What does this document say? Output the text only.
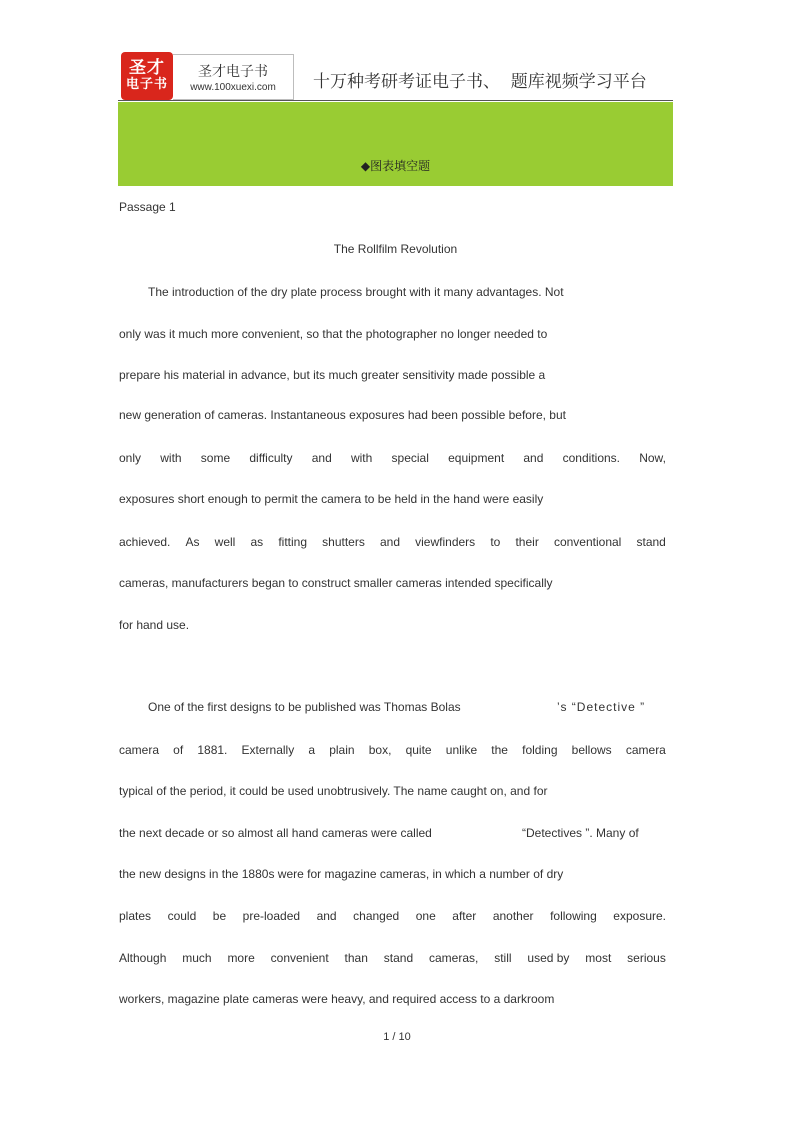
圣才
电子书
圣才电子书
www.100xuexi.com	十万种考研考证电子书、  题库视频学习平台
◆图表填空题
Passage 1
The Rollfilm Revolution
The introduction of the dry plate process brought with it many advantages. Not
only was it much more convenient, so that the photographer no longer needed to
prepare his material in advance, but its much greater sensitivity made possible a
new generation of cameras. Instantaneous exposures had been possible before, but
only with some difficulty and with special equipment and conditions. Now,
exposures short enough to permit the camera to be held in the hand were easily
achieved. As well as fitting shutters and viewfinders to their conventional stand
cameras, manufacturers began to construct smaller cameras intended specifically
for hand use.
One of the first designs to be published was Thomas Bolas	’s “Detective ”
camera of 1881. Externally a plain box, quite unlike the folding bellows camera
typical of the period, it could be used unobtrusively. The name caught on, and for
the next decade or so almost all hand cameras were called	“Detectives ”. Many of
the new designs in the 1880s were for magazine cameras, in which a number of dry
plates could be pre-loaded and changed one after another following exposure.
Although much more convenient than stand cameras, still used by most serious
workers, magazine plate cameras were heavy, and required access to a darkroom
1 / 10
